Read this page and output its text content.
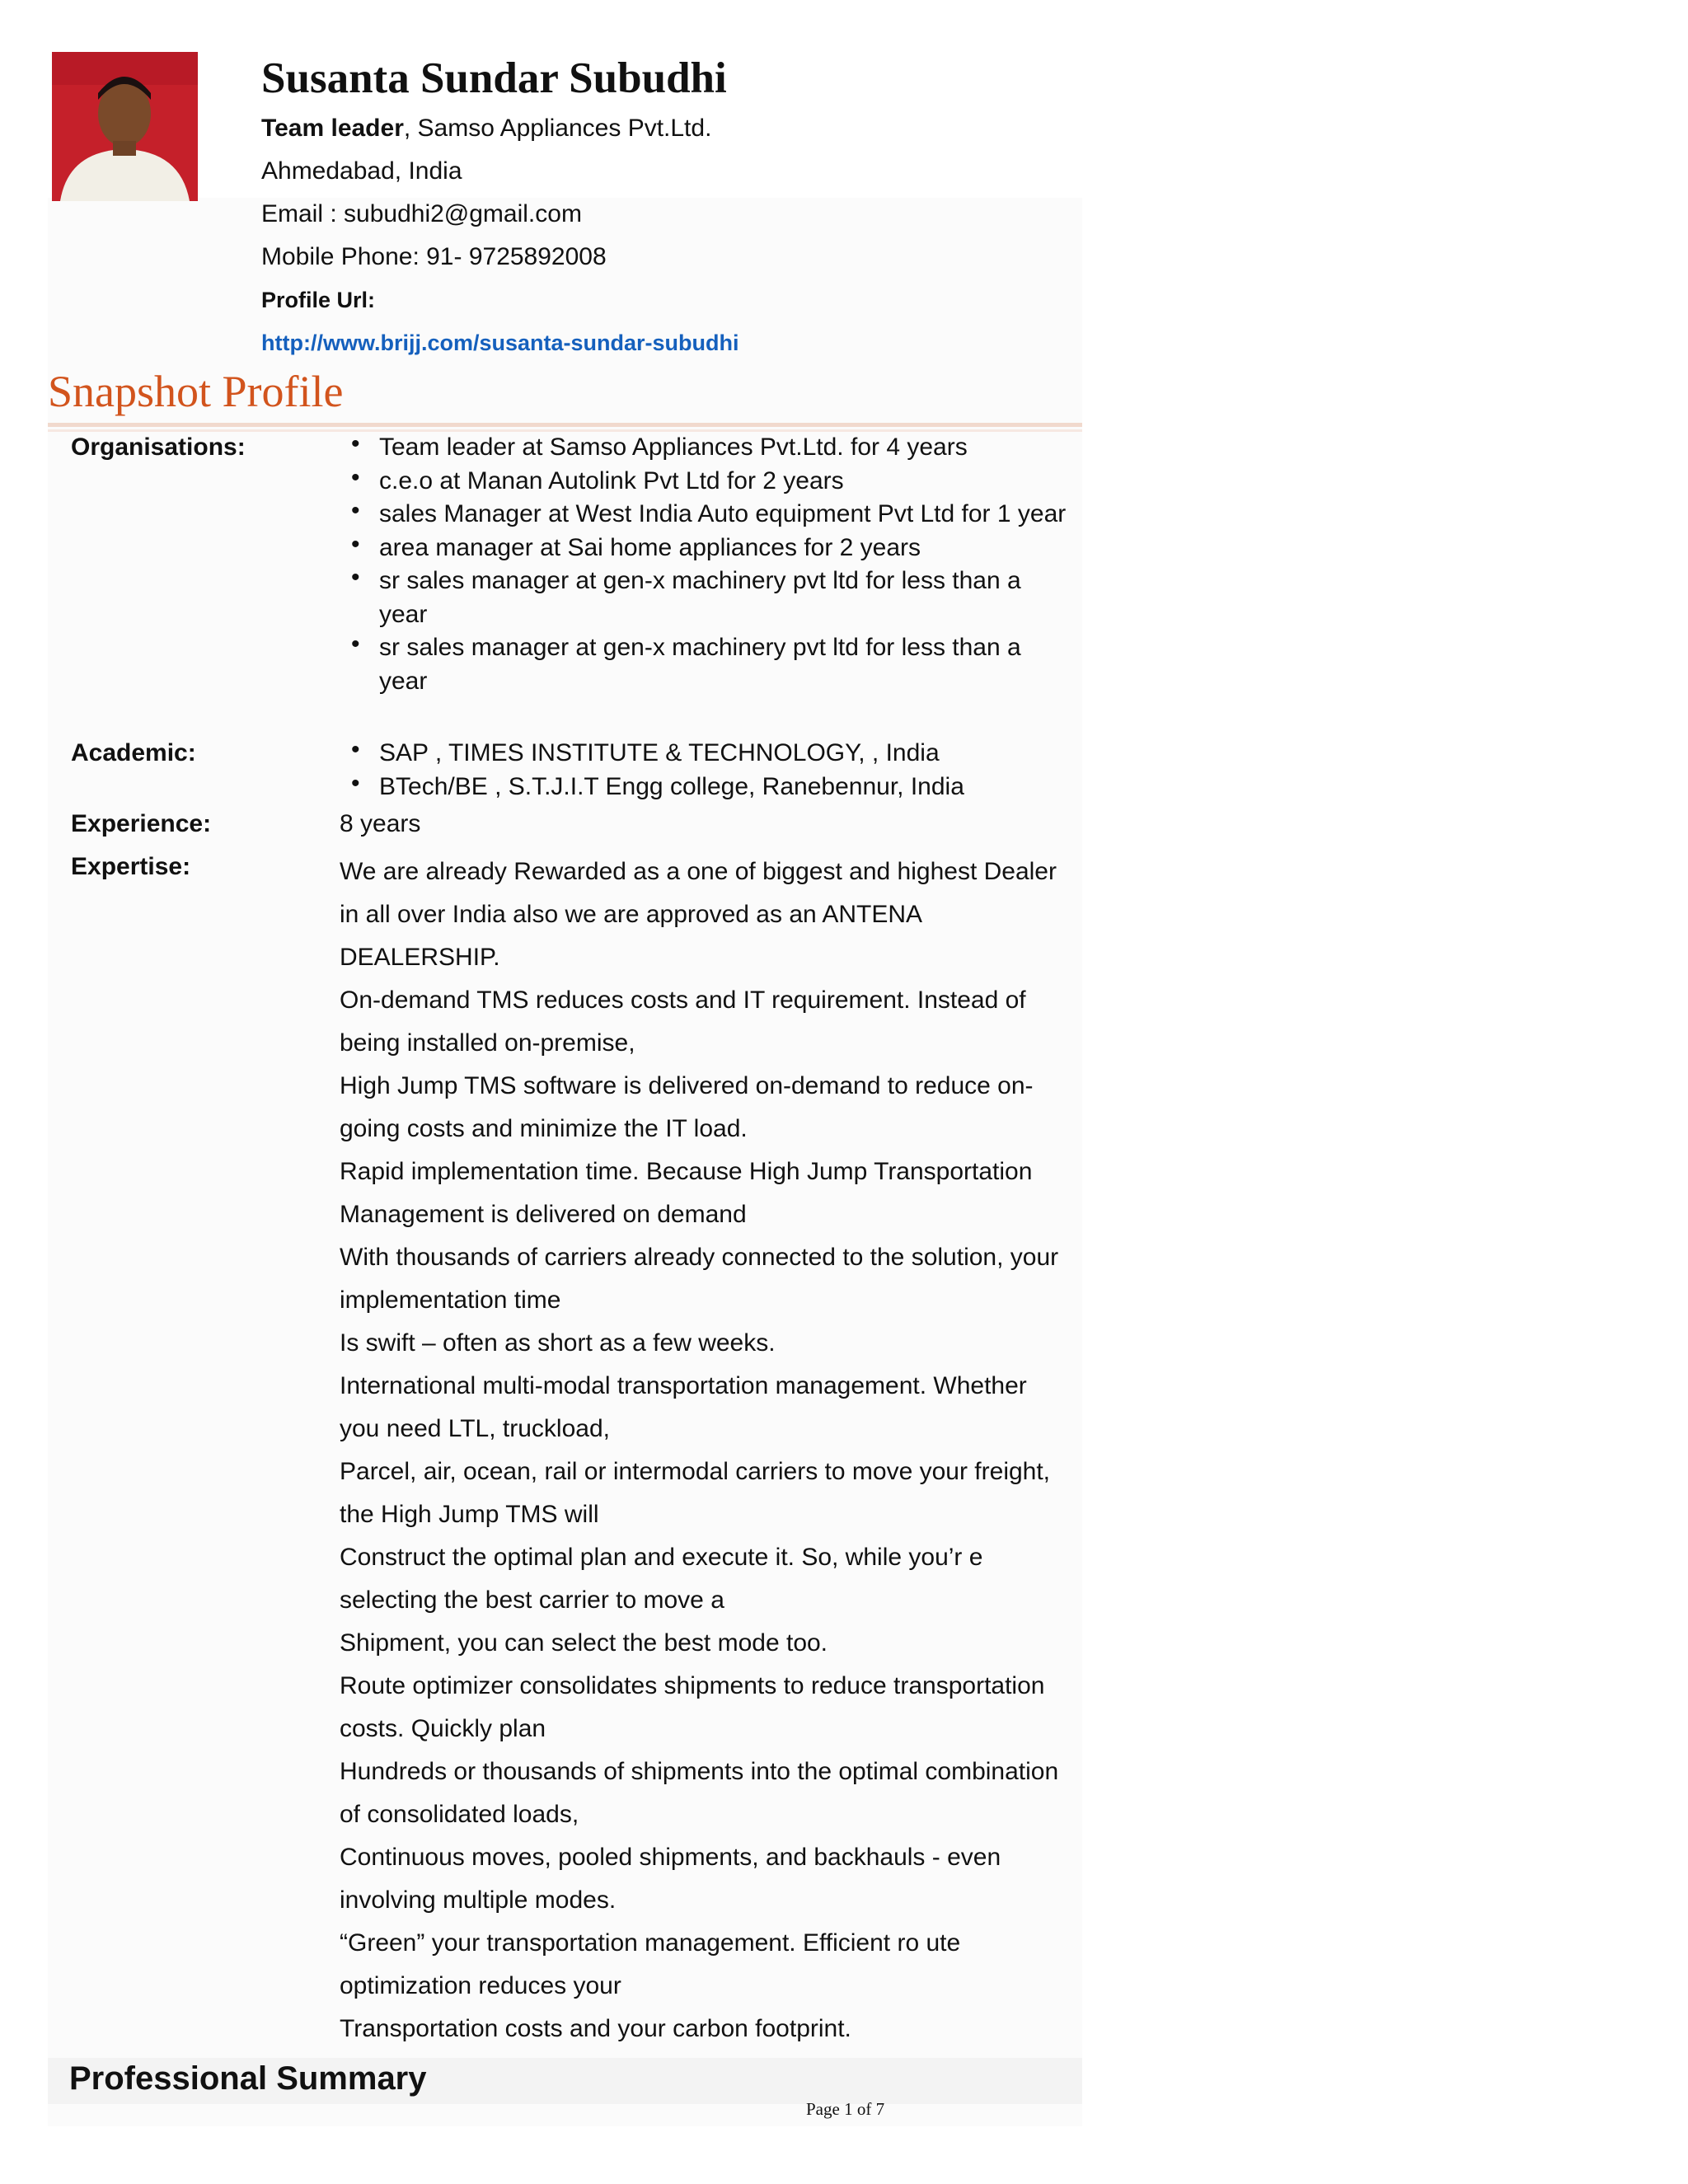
Susanta Sundar Subudhi
Team leader, Samso Appliances Pvt.Ltd.
Ahmedabad, India
Email : subudhi2@gmail.com
Mobile Phone: 91- 9725892008
Profile Url:
http://www.brijj.com/susanta-sundar-subudhi
Snapshot Profile
Organisations:	• Team leader at Samso Appliances Pvt.Ltd. for 4 years
• c.e.o at Manan Autolink Pvt Ltd for 2 years
• sales Manager at West India Auto equipment Pvt Ltd for 1 year
• area manager at Sai home appliances for 2 years
• sr sales manager at gen-x machinery pvt ltd for less than a year
• sr sales manager at gen-x machinery pvt ltd for less than a year
Academic:	• SAP , TIMES INSTITUTE & TECHNOLOGY, , India
• BTech/BE , S.T.J.I.T Engg college, Ranebennur, India
Experience:	8 years
Expertise:	We are already Rewarded as a one of biggest and highest Dealer
in all over India also we are approved as an ANTENA
DEALERSHIP.
On-demand TMS reduces costs and IT requirement. Instead of
being installed on-premise,
High Jump TMS software is delivered on-demand to reduce on-
going costs and minimize the IT load.
Rapid implementation time. Because High Jump Transportation
Management is delivered on demand
With thousands of carriers already connected to the solution, your
implementation time
Is swift – often as short as a few weeks.
International multi-modal transportation management. Whether
you need LTL, truckload,
Parcel, air, ocean, rail or intermodal carriers to move your freight,
the High Jump TMS will
Construct the optimal plan and execute it. So, while you’r e
selecting the best carrier to move a
Shipment, you can select the best mode too.
Route optimizer consolidates shipments to reduce transportation
costs. Quickly plan
Hundreds or thousands of shipments into the optimal combination
of consolidated loads,
Continuous moves, pooled shipments, and backhauls - even
involving multiple modes.
“Green” your transportation management. Efficient ro ute
optimization reduces your
Transportation costs and your carbon footprint.
Professional Summary
Page 1 of 7
